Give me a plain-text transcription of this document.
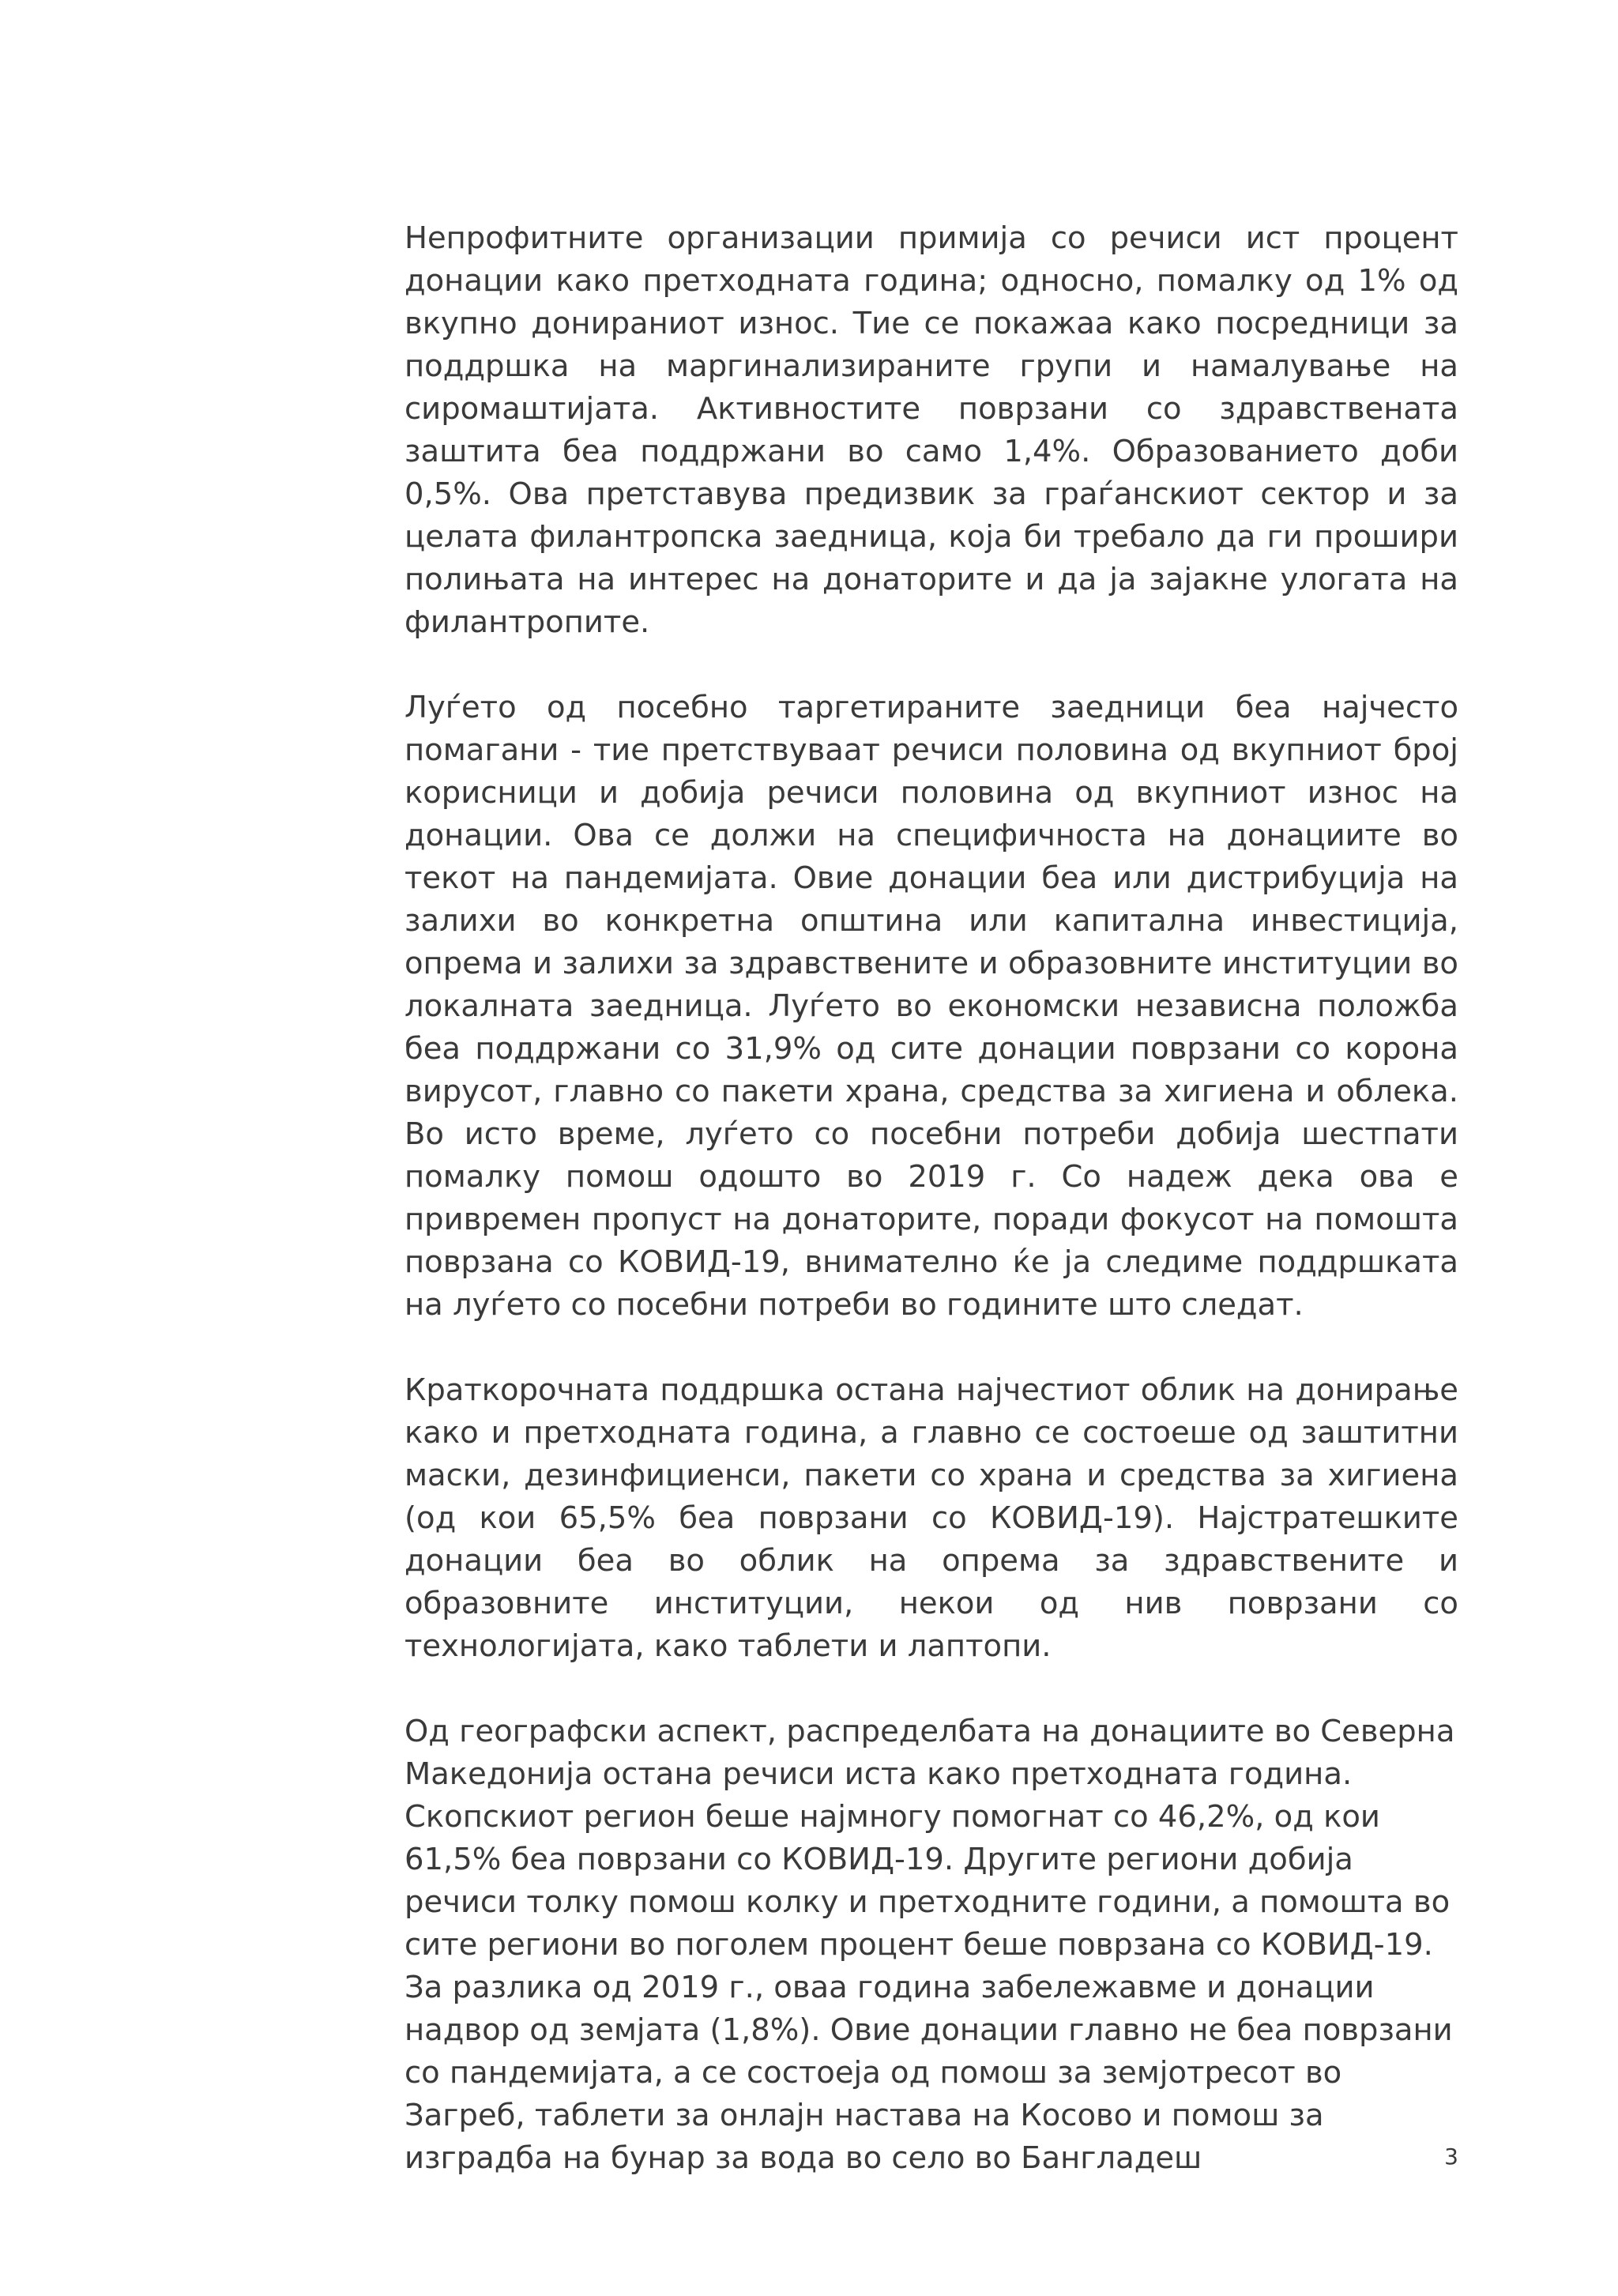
Непрофитните организации примија со речиси ист процент донации како претходната година; односно, помалку од 1% од вкупно донираниот износ. Тие се покажаа како посредници за поддршка на маргинализираните групи и намалување на сиромаштијата. Активностите поврзани со здравствената заштита беа поддржани во само 1,4%. Образованието доби 0,5%. Ова претставува предизвик за граѓанскиот сектор и за целата филантропска заедница, која би требало да ги прошири полињата на интерес на донаторите и да ја зајакне улогата на филантропите.

Луѓето од посебно таргетираните заедници беа најчесто помагани - тие претствуваат речиси половина од вкупниот број корисници и добија речиси половина од вкупниот износ на донации. Ова се должи на специфичноста на донациите во текот на пандемијата. Овие донации беа или дистрибуција на залихи во конкретна општина или капитална инвестиција, опрема и залихи за здравствените и образовните институции во локалната заедница. Луѓето во економски независна положба беа поддржани со 31,9% од сите донации поврзани со корона вирусот, главно со пакети храна, средства за хигиена и облека. Во исто време, луѓето со посебни потреби добија шестпати помалку помош одошто во 2019 г. Со надеж дека ова е привремен пропуст на донаторите, поради фокусот на помошта поврзана со КОВИД-19, внимателно ќе ја следиме поддршката на луѓето со посебни потреби во годините што следат.

Краткорочната поддршка остана најчестиот облик на донирање како и претходната година, а главно се состоеше од заштитни маски, дезинфициенси, пакети со храна и средства за хигиена (од кои 65,5% беа поврзани со КОВИД-19). Најстратешките донации беа во облик на опрема за здравствените и образовните институции, некои од нив поврзани со технологијата, како таблети и лаптопи.

Од географски аспект, распределбата на донациите во Северна Македонија остана речиси иста како претходната година. Скопскиот регион беше најмногу помогнат со 46,2%, од кои 61,5% беа поврзани со КОВИД-19. Другите региони добија речиси толку помош колку и претходните години, а помошта во сите региони во поголем процент беше поврзана со КОВИД-19. За разлика од 2019 г., оваа година забележавме и донации надвор од земјата (1,8%). Овие донации главно не беа поврзани со пандемијата, а се состоеја од помош за земјотресот во Загреб, таблети за онлајн настава на Косово и помош за изградба на бунар за вода во село во Бангладеш	3
